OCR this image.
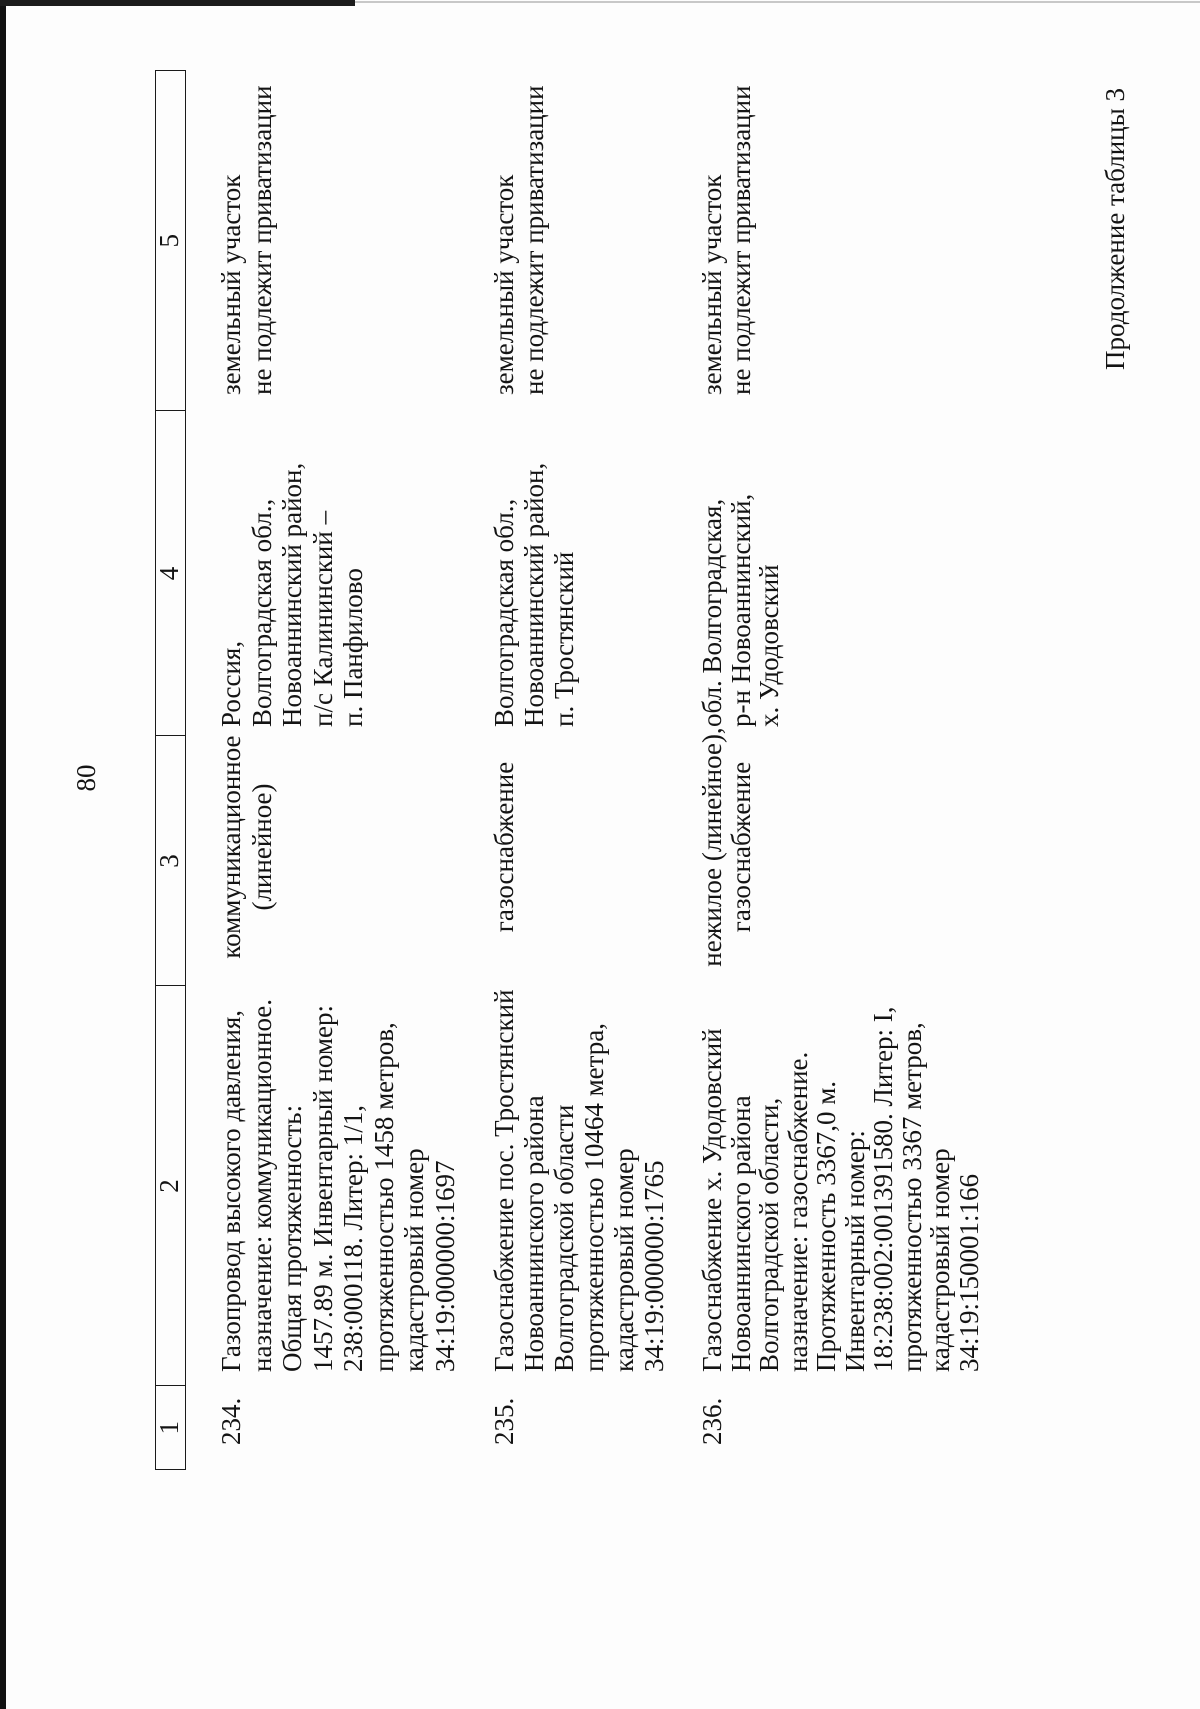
80
Продолжение таблицы 3
1
2
3
4
5
234.
Газопровод высокого давления, назначение: коммуникационное. Общая протяженность: 1457.89 м. Инвентарный номер: 238:000118. Литер: 1/1, протяженностью 1458 метров, кадастровый номер 34:19:000000:1697
коммуникационное (линейное)
Россия, Волгоградская обл., Новоаннинский район, п/с Калининский – п. Панфилово
земельный участок не подлежит приватизации
235.
Газоснабжение пос. Тростянский Новоаннинского района Волгоградской области протяженностью 10464 метра, кадастровый номер 34:19:000000:1765
газоснабжение
Волгоградская обл., Новоаннинский район, п. Тростянский
земельный участок не подлежит приватизации
236.
Газоснабжение х. Удодовский
Новоаннинского района
Волгоградской области,
назначение: газоснабжение.
Протяженность 3367,0 м.
Инвентарный номер:
18:238:002:001391580. Литер: I,
протяженностью 3367 метров,
кадастровый номер
34:19:150001:166
нежилое (линейное),
газоснабжение
обл. Волгоградская,
р-н Новоаннинский,
х. Удодовский
земельный участок
не подлежит приватизации
